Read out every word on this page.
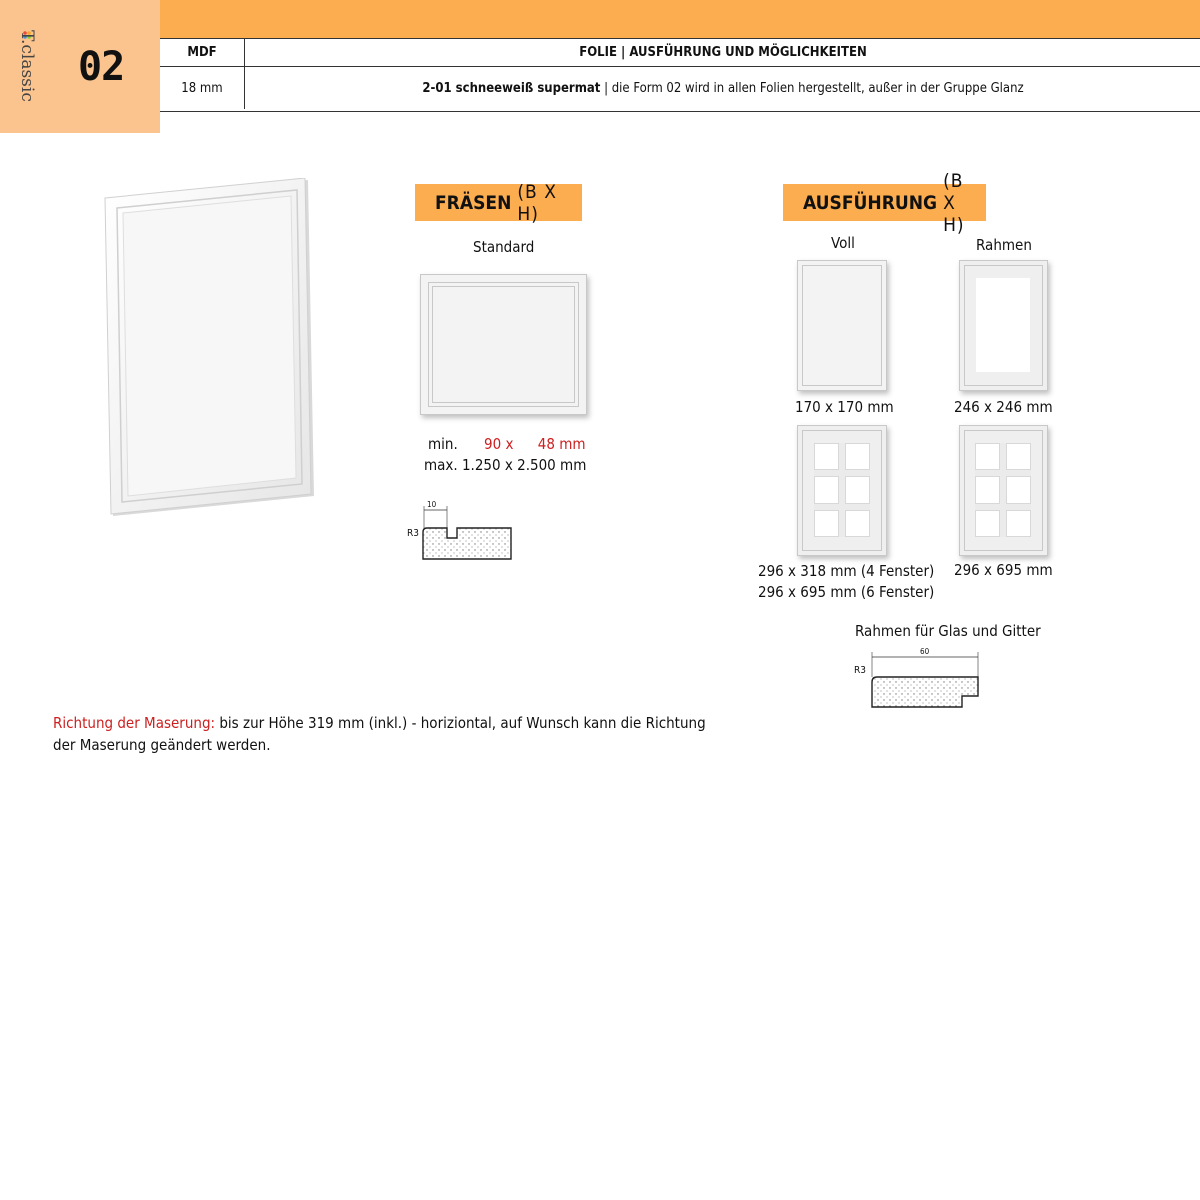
T.classic 02	MDF	FOLIE | AUSFÜHRUNG UND MÖGLICHKEITEN
18 mm	2-01 schneeweiß supermat | die Form 02 wird in allen Folien hergestellt, außer in der Gruppe Glanz
FRÄSEN (B X H)
Standard
min. 90 x 48 mm
max. 1.250 x 2.500 mm
10
R3
AUSFÜHRUNG
(B X H)
Voll	Rahmen
170 x 170 mm	246 x 246 mm
296 x 318 mm (4 Fenster)
296 x 695 mm (6 Fenster)
296 x 695 mm
Rahmen für Glas und Gitter
60
R3
Richtung der Maserung: bis zur Höhe 319 mm (inkl.) - horiziontal, auf Wunsch kann die Richtung der Maserung geändert werden.
